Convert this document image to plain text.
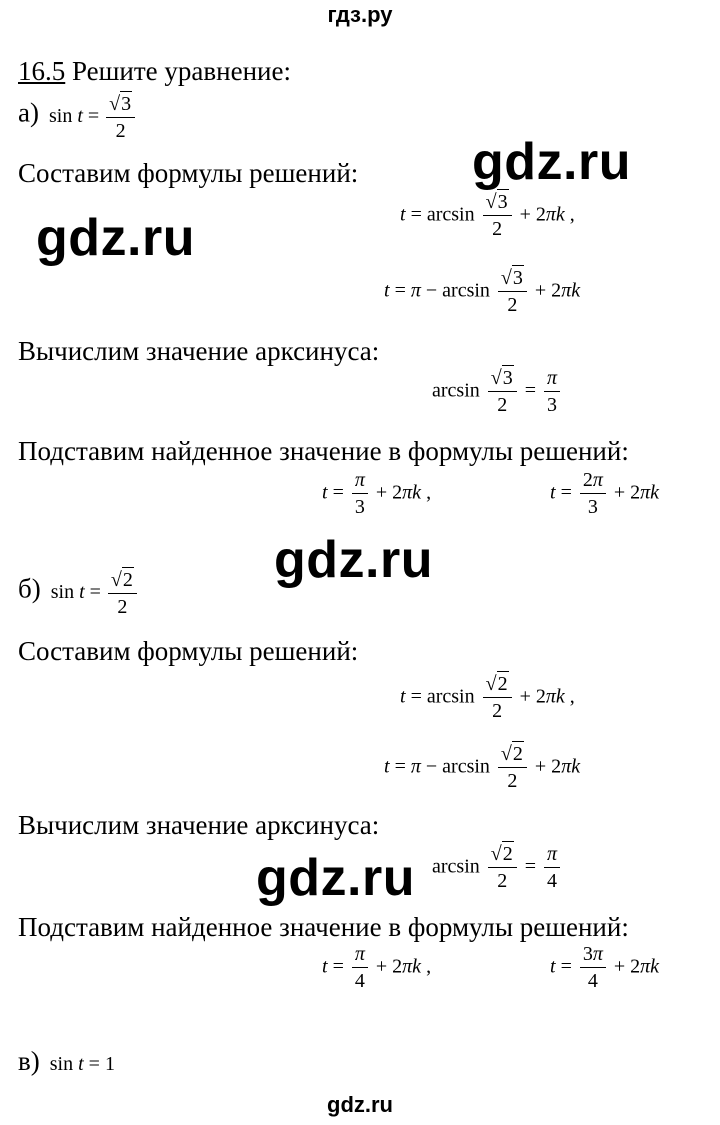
гдз.ру
16.5 Решите уравнение:
а) $\sin t = \frac{√3}{2}$
Составим формулы решений: gdz.ru
gdz.ru	$t = \arcsin \frac{√3}{2} + 2\pi k$ ,
$t = \pi - \arcsin \frac{√3}{2} + 2\pi k$
Вычислим значение арксинуса:
$\arcsin \frac{√3}{2} = \frac{\pi}{3}$
Подставим найденное значение в формулы решений:
$t = \frac{\pi}{3} + 2\pi k$ ,	$t = \frac{2\pi}{3} + 2\pi k$
gdz.ru
б) $\sin t = \frac{√2}{2}$
Составим формулы решений:
$t = \arcsin \frac{√2}{2} + 2\pi k$ ,
$t = \pi - \arcsin \frac{√2}{2} + 2\pi k$
Вычислим значение арксинуса:
gdz.ru $\arcsin \frac{√2}{2} = \frac{\pi}{4}$
Подставим найденное значение в формулы решений:
$t = \frac{\pi}{4} + 2\pi k$ ,	$t = \frac{3\pi}{4} + 2\pi k$
в) sin t = 1
gdz.ru
